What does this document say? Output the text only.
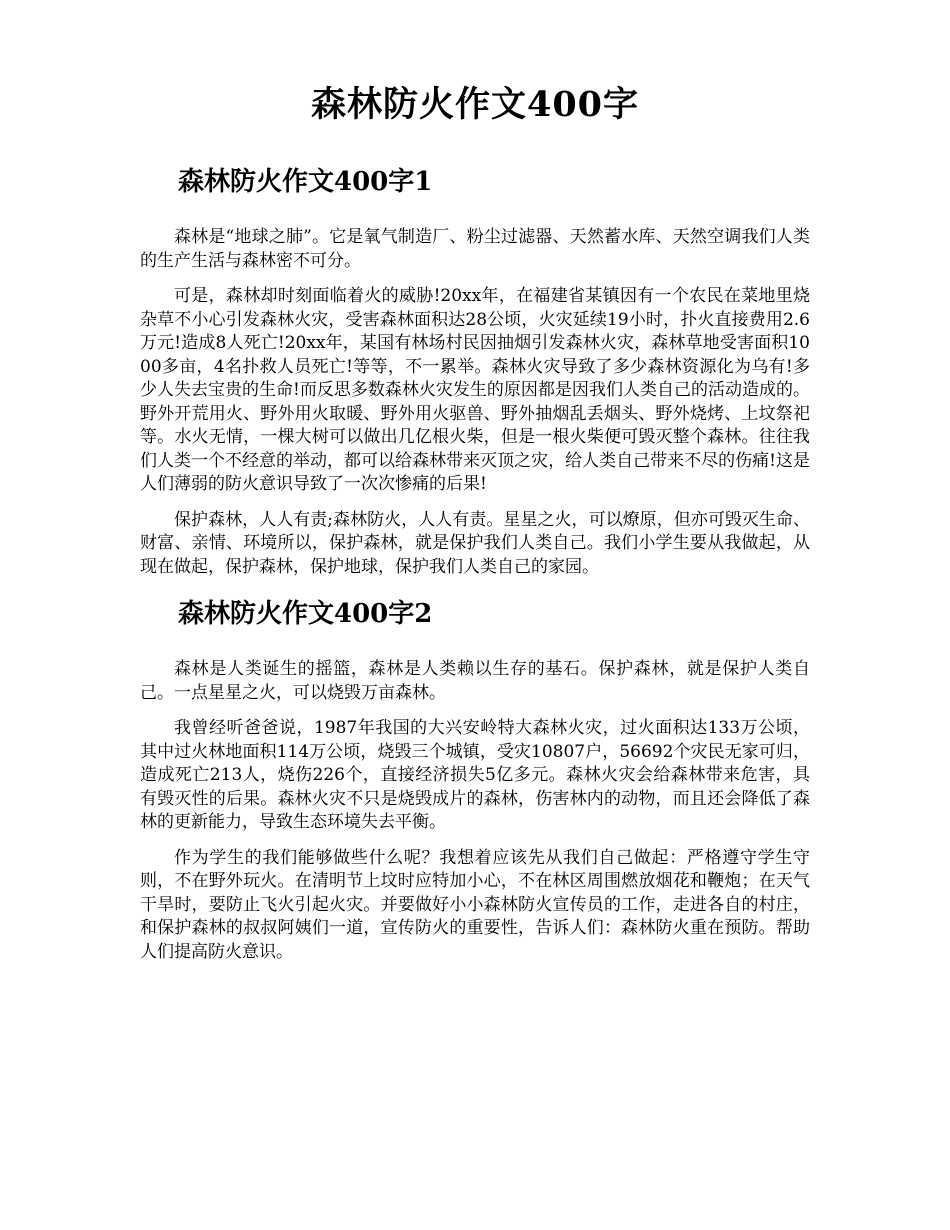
森林防火作文400字
森林防火作文400字1

森林是“地球之肺”。它是氧气制造厂、粉尘过滤器、天然蓄水库、天然空调我们人类的生产生活与森林密不可分。

可是，森林却时刻面临着火的威胁!20xx年，在福建省某镇因有一个农民在菜地里烧杂草不小心引发森林火灾，受害森林面积达28公顷，火灾延续19小时，扑火直接费用2.6万元!造成8人死亡!20xx年，某国有林场村民因抽烟引发森林火灾，森林草地受害面积1000多亩，4名扑救人员死亡!等等，不一累举。森林火灾导致了多少森林资源化为乌有!多少人失去宝贵的生命!而反思多数森林火灾发生的原因都是因我们人类自己的活动造成的。野外开荒用火、野外用火取暖、野外用火驱兽、野外抽烟乱丢烟头、野外烧烤、上坟祭祀等。水火无情，一棵大树可以做出几亿根火柴，但是一根火柴便可毁灭整个森林。往往我们人类一个不经意的举动，都可以给森林带来灭顶之灾，给人类自己带来不尽的伤痛!这是人们薄弱的防火意识导致了一次次惨痛的后果!

保护森林，人人有责;森林防火，人人有责。星星之火，可以燎原，但亦可毁灭生命、财富、亲情、环境所以，保护森林，就是保护我们人类自己。我们小学生要从我做起，从现在做起，保护森林，保护地球，保护我们人类自己的家园。

森林防火作文400字2

森林是人类诞生的摇篮，森林是人类赖以生存的基石。保护森林，就是保护人类自己。一点星星之火，可以烧毁万亩森林。

我曾经听爸爸说，1987年我国的大兴安岭特大森林火灾，过火面积达133万公顷，其中过火林地面积114万公顷，烧毁三个城镇，受灾10807户，56692个灾民无家可归，造成死亡213人，烧伤226个，直接经济损失5亿多元。森林火灾会给森林带来危害，具有毁灭性的后果。森林火灾不只是烧毁成片的森林，伤害林内的动物，而且还会降低了森林的更新能力，导致生态环境失去平衡。

作为学生的我们能够做些什么呢？我想着应该先从我们自己做起：严格遵守学生守则，不在野外玩火。在清明节上坟时应特加小心，不在林区周围燃放烟花和鞭炮；在天气干旱时，要防止飞火引起火灾。并要做好小小森林防火宣传员的工作，走进各自的村庄，和保护森林的叔叔阿姨们一道，宣传防火的重要性，告诉人们：森林防火重在预防。帮助人们提高防火意识。
